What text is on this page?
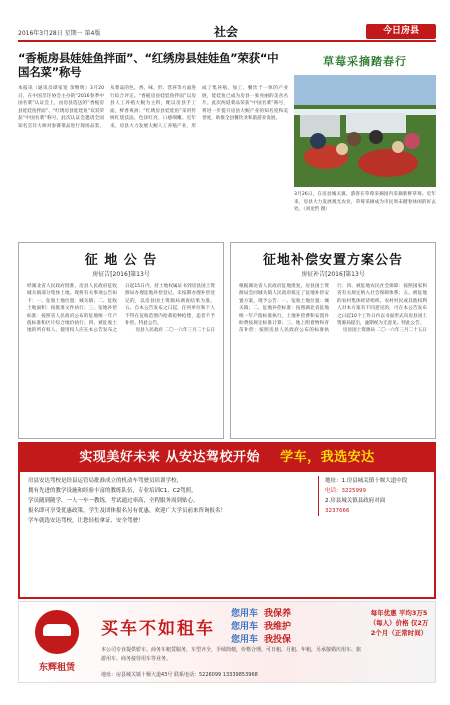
2016年3月28日 星期一 第4版	社会	今日房县
“香栀房县娃娃鱼拌面”、“红绣房县娃娃鱼”荣获“中国名菜”称号
本报讯（通讯员谭家宽 余继明）3月20日，在中国烹饪协会主办的“2016春季中国名菜”认证会上，由房县选送的“香栀房县娃娃鱼拌面”、“红绣房县娃娃鱼”双双荣获“中国名菜”称号。此次认证会邀请全国知名烹饪大师对参赛菜品进行现场品鉴，从菜品的色、香、味、形、营养等方面进行综合评定。“香栀房县娃娃鱼拌面”以房县人工养殖大鲵为主料，配以房县手工面，鲜香爽滑；“红绣房县娃娃鱼”采用传统红烧技法，色泽红亮、口感细嫩。近年来，房县大力发展大鲵人工养殖产业，形成了集养殖、加工、餐饮于一体的产业链，娃娃鱼已成为房县一张亮丽的美食名片。此次两道菜品荣获“中国名菜”称号，将进一步提升房县大鲵产业的知名度和美誉度，助推全县餐饮业和旅游业发展。
草莓采摘踏春行
3月26日，在房县城关镇，游客在草莓采摘园内采摘新鲜草莓。近年来，房县大力发展观光农业，草莓采摘成为市民周末踏春休闲的好去处。（刘龙哲 摄）
征 地 公 告
房征告[2016]第13号
经湖北省人民政府批准，房县人民政府征收城关镇部分集体土地。现将有关事项公告如下：一、征收土地位置：城关镇；二、征收土地面积：按批准文件执行；三、征地补偿标准：按照省人民政府公布的征地统一年产值标准和区片综合地价执行；四、被征收土地的所有权人、使用权人应在本公告发布之日起15日内，持土地权属证书到房县国土资源局办理征地补偿登记。未按期办理补偿登记的，以房县国土资源局调查结果为准。五、自本公告发布之日起，任何单位和个人不得在征收范围内抢栽抢种抢建，违者不予补偿。特此公告。
房县人民政府 二〇一六年三月二十五日
征地补偿安置方案公告
房征补告[2016]第13号
根据湖北省人民政府征地批复，房县国土资源局会同城关镇人民政府拟定了征地补偿安置方案，现予公告：一、征收土地位置：城关镇；二、征地补偿标准：按照湖北省征地统一年产值标准执行，土地补偿费和安置补助费按规定标准计算；三、地上附着物和青苗补偿：按照房县人民政府公布的标准执行；四、被征地农民社会保障：按照国家和省有关规定纳入社会保障体系；五、被征地的农村集体经济组织、农村村民或其他权利人对本方案有不同意见的，可在本公告发布之日起10个工作日内以书面形式向房县国土资源局提出，逾期视为无意见。特此公告。
房县国土资源局 二〇一六年三月二十五日
实现美好未来 从安达驾校开始 学车，我选安达
房县安达驾校是经县运管局批准成立的机动车驾驶员培训学校，
拥有先进的教学设施和经验丰富的教练队伍，专业培训C1、C2驾照，
学员随到随学，一人一车一教练，考试通过率高，全程服务周到贴心。
报名即可享受优惠政策，学生及团体报名另有优惠，欢迎广大学员前来咨询报名！
学车就选安达驾校，让您轻松拿证、安全驾驶！
地址：1.房县城关镇十堰大道中段
电话：3225999
2.房县城关镇县政府对面
3237666
东辉租赁
买车不如租车
您用车 我保养
您用车 我维护
您用车 我投保
每年优惠 平均3万5（每人）价格 仅2万 2个月（正常时间）
本公司专业提供轿车、商务车租赁服务，车型齐全，手续简便，价格合理，可日租、月租、年租，另承接婚庆用车、旅游用车、商务接待用车等业务。
地址：房县城关镇十堰大道43号 联系电话：5226099 13339853968
